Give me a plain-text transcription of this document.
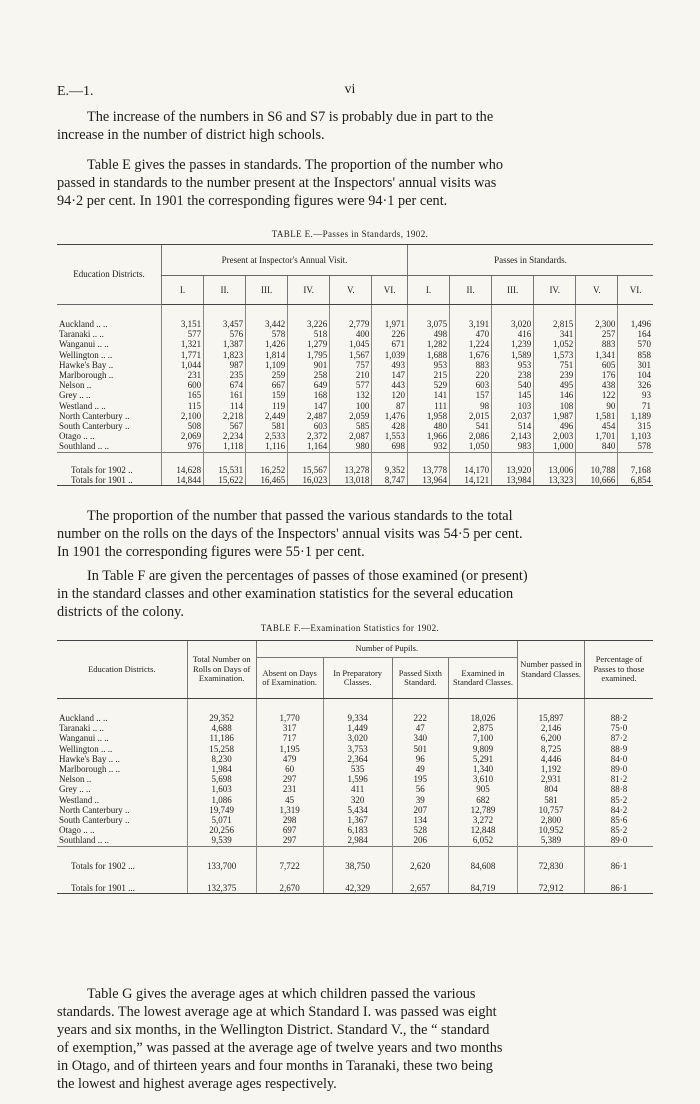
E.—1.	vi
The increase of the numbers in S6 and S7 is probably due in part to the
increase in the number of district high schools.
Table E gives the passes in standards. The proportion of the number who
passed in standards to the number present at the Inspectors' annual visits was
94·2 per cent. In 1901 the corresponding figures were 94·1 per cent.
TABLE E.—Passes in Standards, 1902.
Education Districts.	Present at Inspector's Annual Visit.						Passes in Standards.					
	I.	II.	III.	IV.	V.	VI.	I.	II.	III.	IV.	V.	VI.
Auckland .. ..	3,151	3,457	3,442	3,226	2,779	1,971	3,075	3,191	3,020	2,815	2,300	1,496
Taranaki .. ..	577	576	578	518	400	226	498	470	416	341	257	164
Wanganui .. ..	1,321	1,387	1,426	1,279	1,045	671	1,282	1,224	1,239	1,052	883	570
Wellington .. ..	1,771	1,823	1,814	1,795	1,567	1,039	1,688	1,676	1,589	1,573	1,341	858
Hawke's Bay ..	1,044	987	1,109	901	757	493	953	883	953	751	605	301
Marlborough ..	231	235	259	258	210	147	215	220	238	239	176	104
Nelson ..	600	674	667	649	577	443	529	603	540	495	438	326
Grey .. ..	165	161	159	168	132	120	141	157	145	146	122	93
Westland .. ..	115	114	119	147	100	87	111	98	103	108	90	71
North Canterbury ..	2,100	2,218	2,449	2,487	2,059	1,476	1,958	2,015	2,037	1,987	1,581	1,189
South Canterbury ..	508	567	581	603	585	428	480	541	514	496	454	315
Otago .. ..	2,069	2,234	2,533	2,372	2,087	1,553	1,966	2,086	2,143	2,003	1,701	1,103
Southland .. ..	976	1,118	1,116	1,164	980	698	932	1,050	983	1,000	840	578
Totals for 1902 ..	14,628	15,531	16,252	15,567	13,278	9,352	13,778	14,170	13,920	13,006	10,788	7,168
Totals for 1901 ..	14,844	15,622	16,465	16,023	13,018	8,747	13,964	14,121	13,984	13,323	10,666	6,854
The proportion of the number that passed the various standards to the total
number on the rolls on the days of the Inspectors' annual visits was 54·5 per cent.
In 1901 the corresponding figures were 55·1 per cent.
In Table F are given the percentages of passes of those examined (or present)
in the standard classes and other examination statistics for the several education
districts of the colony.
TABLE F.—Examination Statistics for 1902.
Education Districts.	Total Number on Rolls on Days of Examination.	Number of Pupils.				Number passed in Standard Classes.	Percentage of Passes to those examined.
		Absent on Days of Examination.	In Preparatory Classes.	Passed Sixth Standard.	Examined in Standard Classes.		
Auckland .. ..	29,352	1,770	9,334	222	18,026	15,897	88·2
Taranaki .. ..	4,688	317	1,449	47	2,875	2,146	75·0
Wanganui .. ..	11,186	717	3,020	340	7,100	6,200	87·2
Wellington .. ..	15,258	1,195	3,753	501	9,809	8,725	88·9
Hawke's Bay .. ..	8,230	479	2,364	96	5,291	4,446	84·0
Marlborough .. ..	1,984	60	535	49	1,340	1,192	89·0
Nelson ..	5,698	297	1,596	195	3,610	2,931	81·2
Grey .. ..	1,603	231	411	56	905	804	88·8
Westland ..	1,086	45	320	39	682	581	85·2
North Canterbury ..	19,749	1,319	5,434	207	12,789	10,757	84·2
South Canterbury ..	5,071	298	1,367	134	3,272	2,800	85·6
Otago .. ..	20,256	697	6,183	528	12,848	10,952	85·2
Southland .. ..	9,539	297	2,984	206	6,052	5,389	89·0
Totals for 1902 ...	133,700	7,722	38,750	2,620	84,608	72,830	86·1
Totals for 1901 ...	132,375	2,670	42,329	2,657	84,719	72,912	86·1
Table G gives the average ages at which children passed the various
standards. The lowest average age at which Standard I. was passed was eight
years and six months, in the Wellington District. Standard V., the “ standard
of exemption,” was passed at the average age of twelve years and two months
in Otago, and of thirteen years and four months in Taranaki, these two being
the lowest and highest average ages respectively.
